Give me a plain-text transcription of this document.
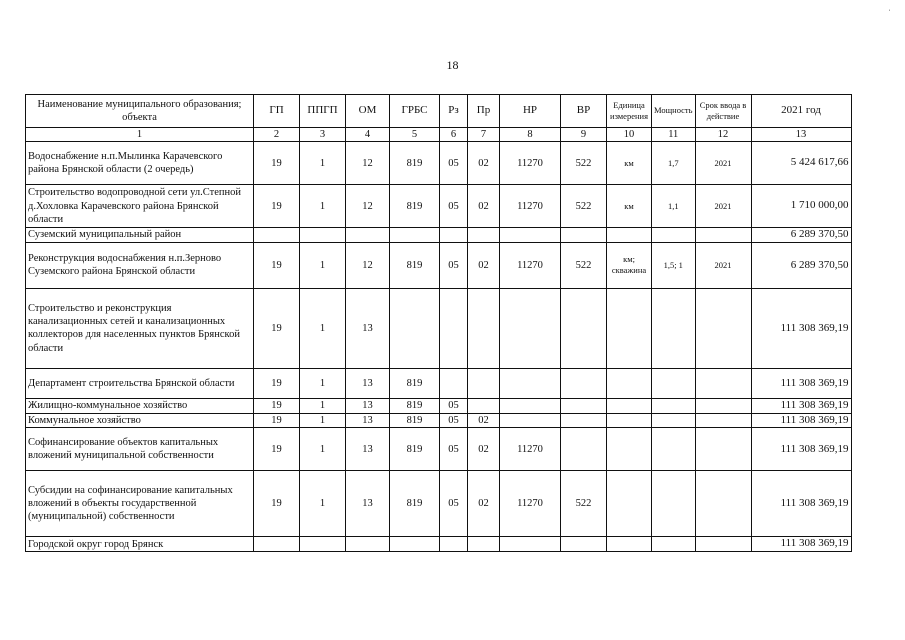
18
ˈ
Наименование муниципального образования; объекта	ГП	ППГП	ОМ	ГРБС	Рз	Пр	НР	ВР	Единица измерения	Мощность	Срок ввода в действие	2021 год
1	2	3	4	5	6	7	8	9	10	11	12	13
Водоснабжение н.п.Мылинка Карачевского района Брянской области (2 очередь)	19	1	12	819	05	02	11270	522	км	1,7	2021	5 424 617,66
Строительство водопроводной сети ул.Степной д.Хохловка Карачевского района Брянской области	19	1	12	819	05	02	11270	522	км	1,1	2021	1 710 000,00
Суземский муниципальный район												6 289 370,50
Реконструкция водоснабжения н.п.Зерново Суземского района Брянской области	19	1	12	819	05	02	11270	522	км; скважина	1,5; 1	2021	6 289 370,50
Строительство и реконструкция канализационных сетей и канализационных коллекторов для населенных пунктов Брянской области	19	1	13									111 308 369,19
Департамент строительства Брянской области	19	1	13	819								111 308 369,19
Жилищно-коммунальное хозяйство	19	1	13	819	05							111 308 369,19
Коммунальное хозяйство	19	1	13	819	05	02						111 308 369,19
Софинансирование объектов капитальных вложений муниципальной собственности	19	1	13	819	05	02	11270					111 308 369,19
Субсидии на софинансирование капитальных вложений в объекты государственной (муниципальной) собственности	19	1	13	819	05	02	11270	522				111 308 369,19
Городской округ город Брянск												111 308 369,19
